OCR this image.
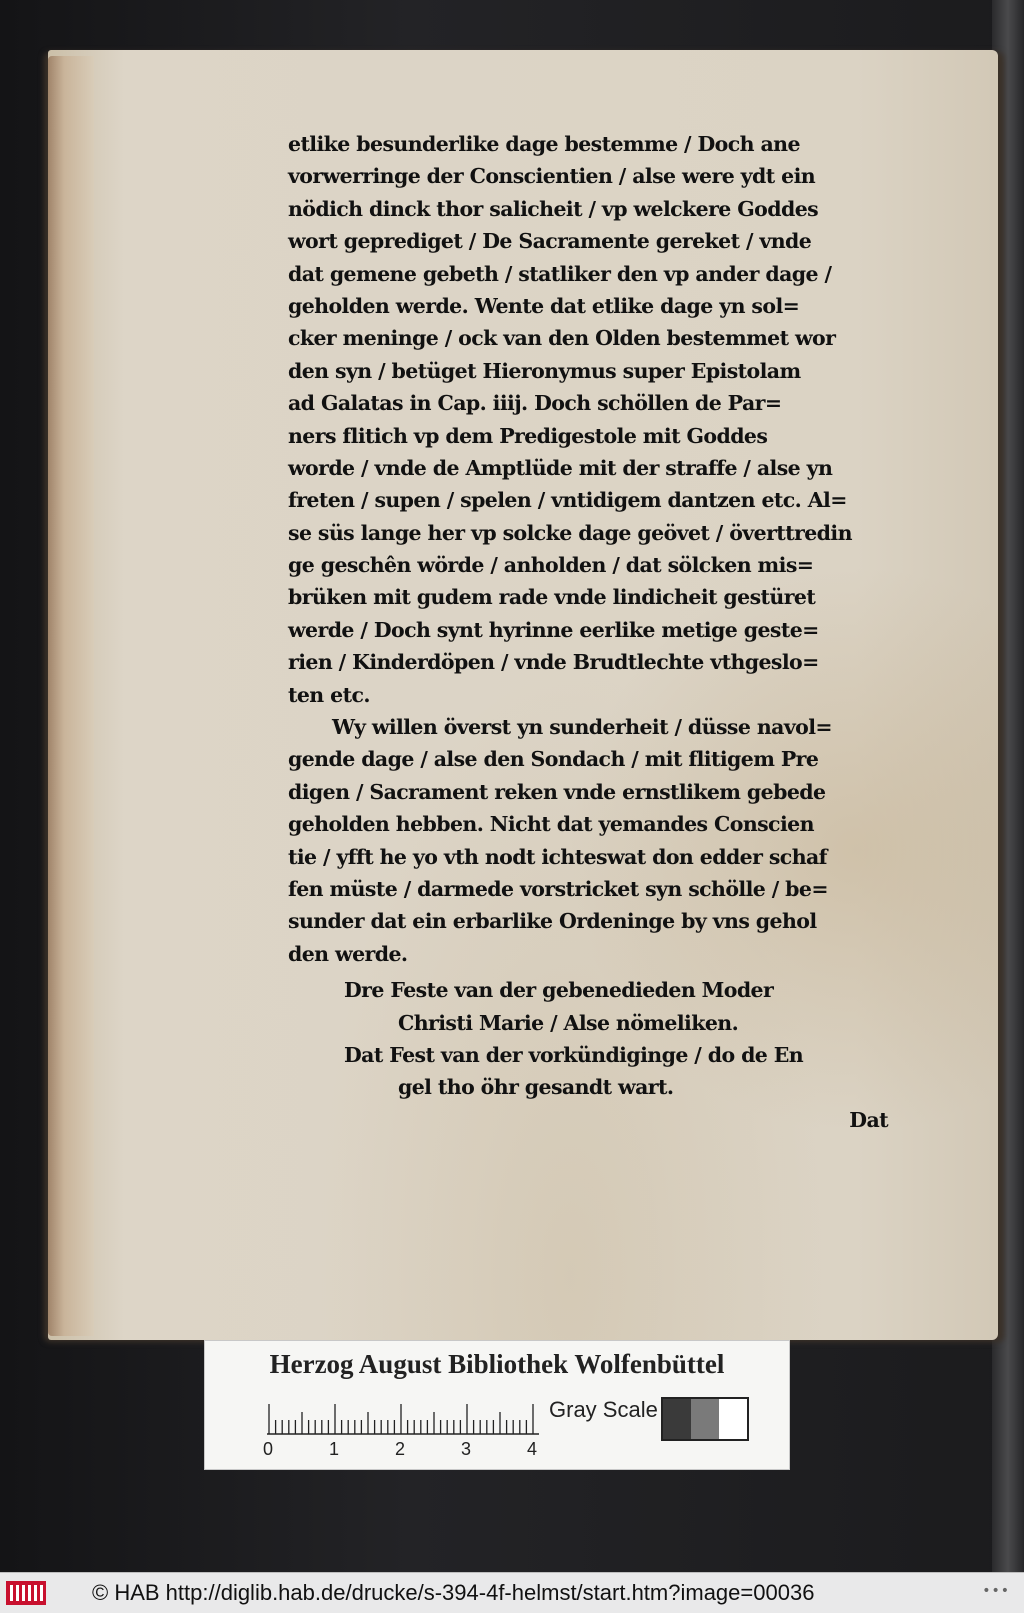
etlike besunderlike dage bestemme / Doch ane
vorwerringe der Conscientien / alse were ydt ein
nödich dinck thor salicheit / vp welckere Goddes
wort geprediget / De Sacramente gereket / vnde
dat gemene gebeth / statliker den vp ander dage /
geholden werde. Wente dat etlike dage yn sol=
cker meninge / ock van den Olden bestemmet wor
den syn / betüget Hieronymus super Epistolam
ad Galatas in Cap. iiij. Doch schöllen de Par=
ners flitich vp dem Predigestole mit Goddes
worde / vnde de Amptlüde mit der straffe / alse yn
freten / supen / spelen / vntidigem dantzen etc. Al=
se süs lange her vp solcke dage geövet / överttredin
ge geschên wörde / anholden / dat sölcken mis=
brüken mit gudem rade vnde lindicheit gestüret
werde / Doch synt hyrinne eerlike metige geste=
rien / Kinderdöpen / vnde Brudtlechte vthgeslo=
ten etc.
Wy willen överst yn sunderheit / düsse navol=
gende dage / alse den Sondach / mit flitigem Pre
digen / Sacrament reken vnde ernstlikem gebede
geholden hebben. Nicht dat yemandes Conscien
tie / yfft he yo vth nodt ichteswat don edder schaf
fen müste / darmede vorstricket syn schölle / be=
sunder dat ein erbarlike Ordeninge by vns gehol
den werde.
Dre Feste van der gebenedieden Moder
Christi Marie / Alse nömeliken.
Dat Fest van der vorkündiginge / do de En
gel tho öhr gesandt wart.
Dat
Herzog August Bibliothek Wolfenbüttel
0	1	2	3	4
Gray Scale
© HAB http://diglib.hab.de/drucke/s-394-4f-helmst/start.htm?image=00036	•••
